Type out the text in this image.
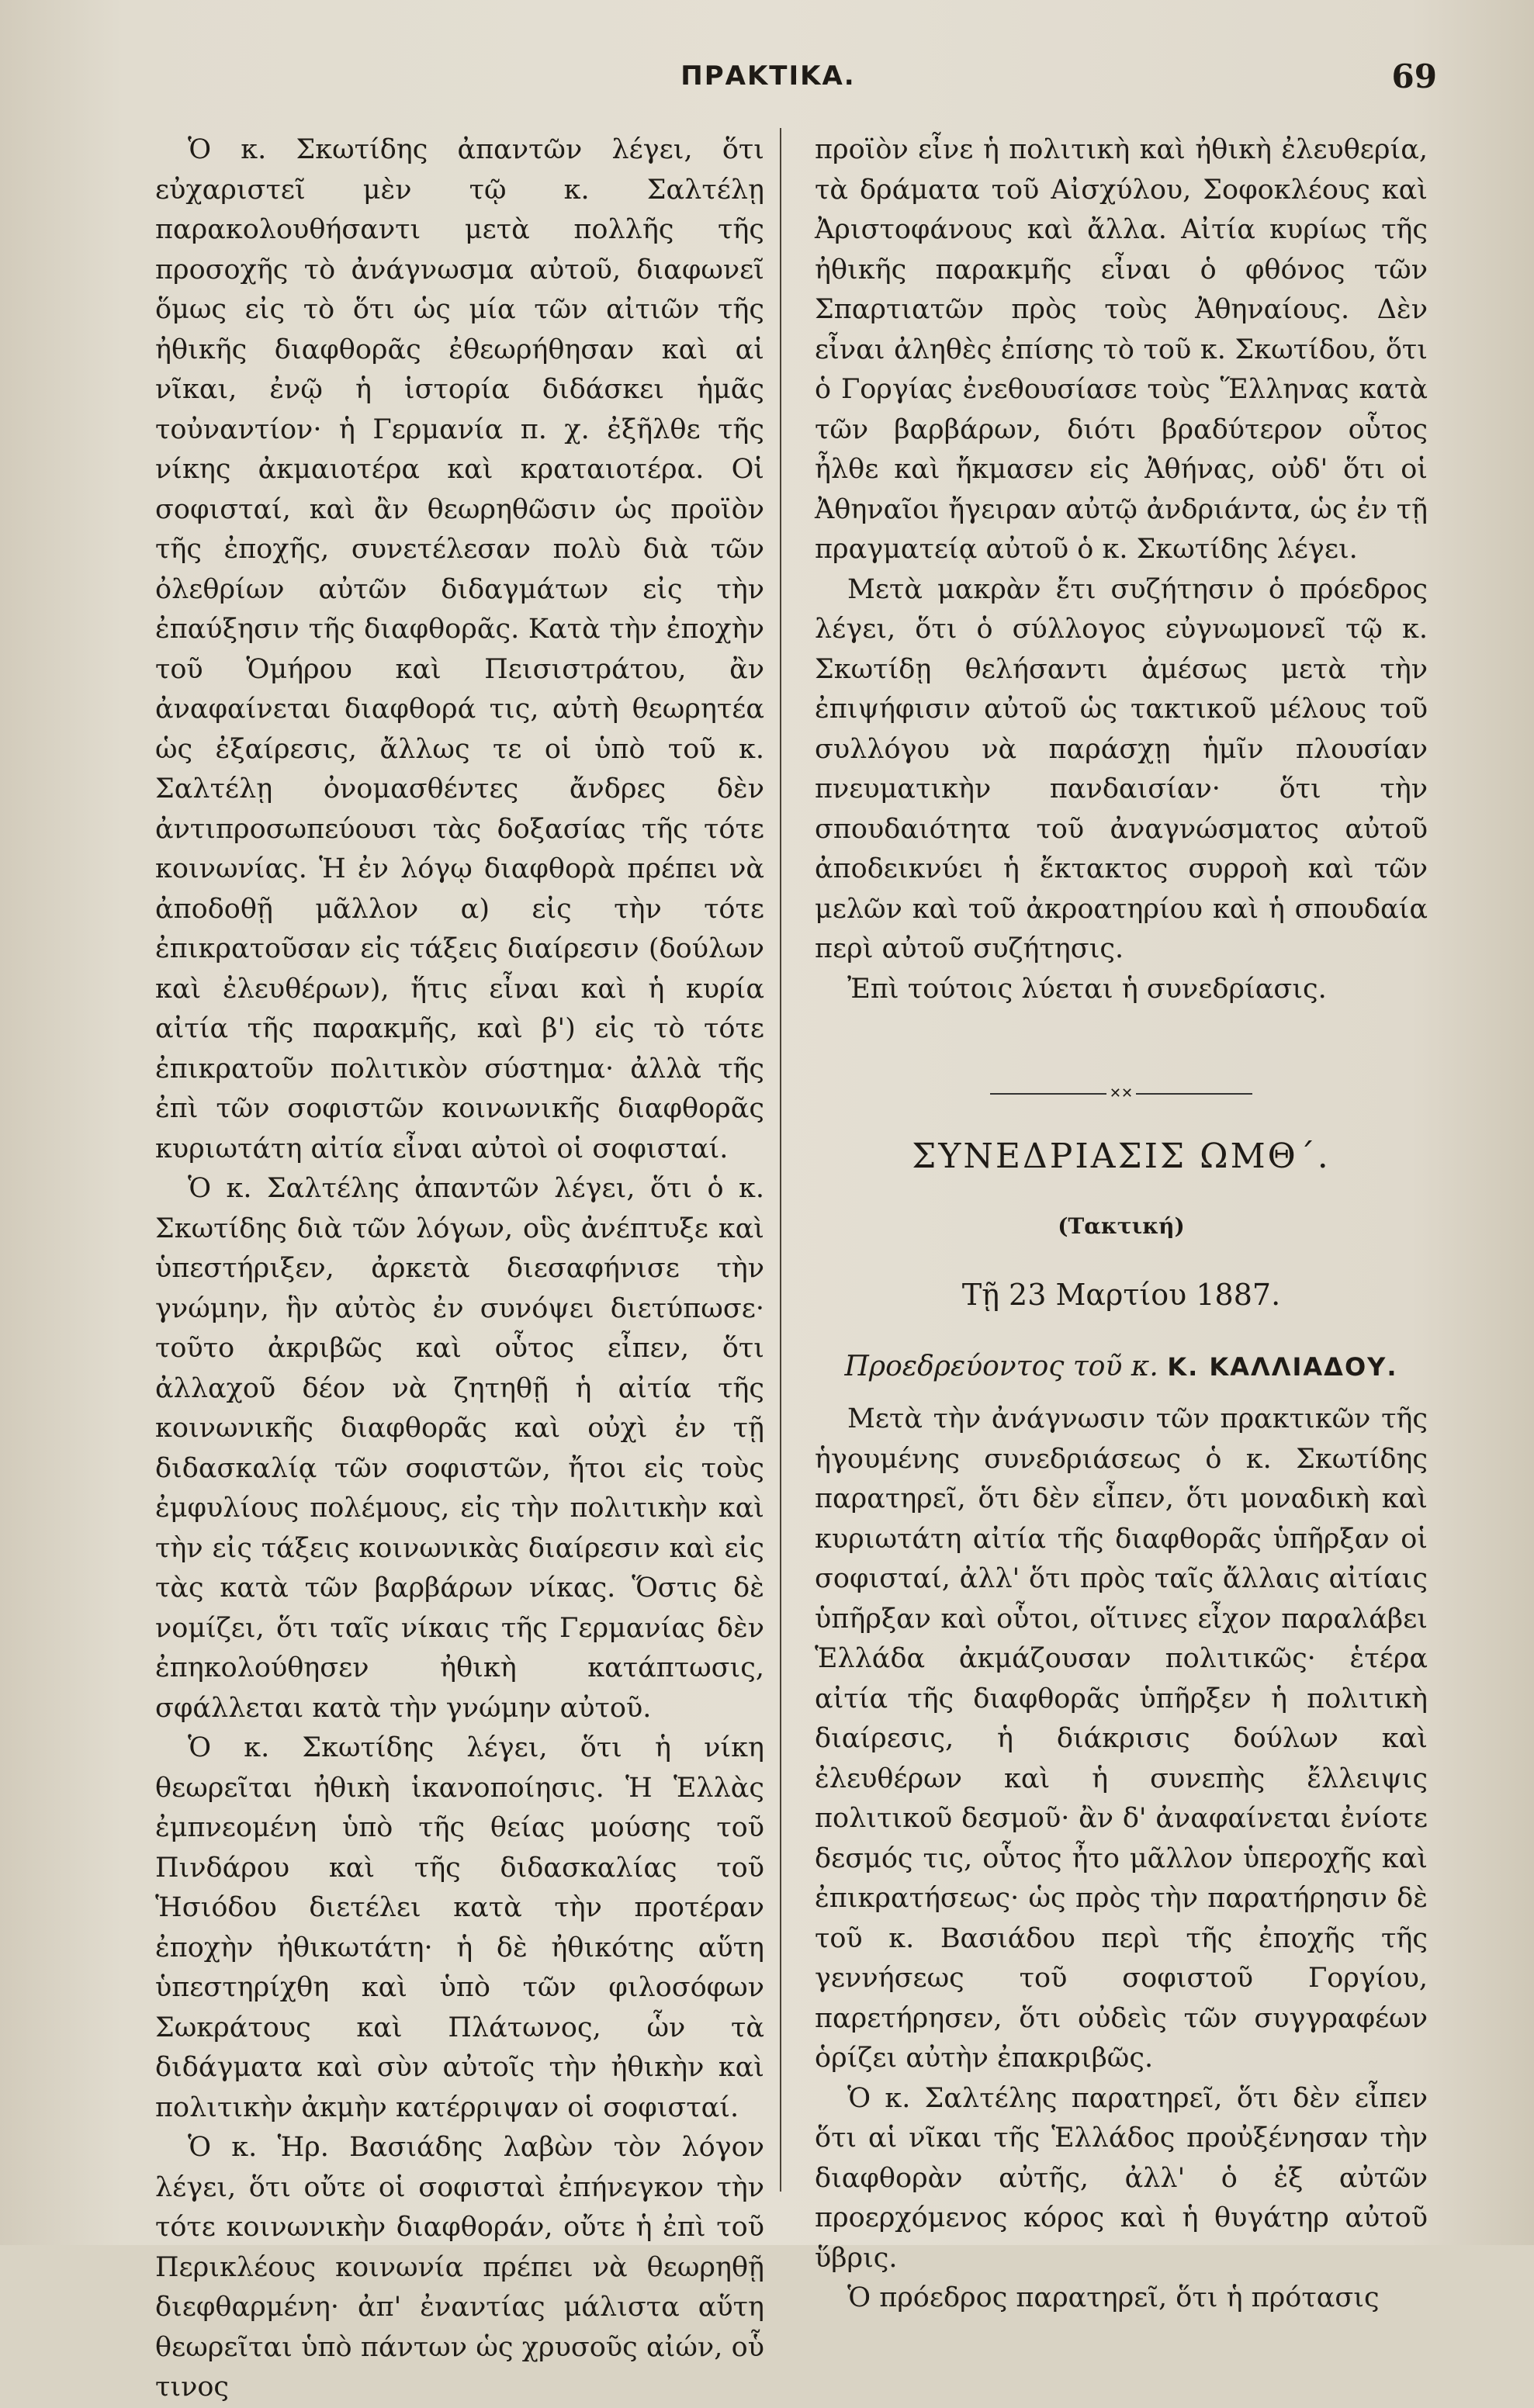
ΠΡΑΚΤΙΚΑ.	69

Ὁ κ. Σκωτίδης ἀπαντῶν λέγει, ὅτι εὐχαριστεῖ μὲν τῷ κ. Σαλτέλῃ παρακολουθήσαντι μετὰ πολλῆς τῆς προσοχῆς τὸ ἀνάγνωσμα αὐτοῦ, διαφωνεῖ ὅμως εἰς τὸ ὅτι ὡς μία τῶν αἰτιῶν τῆς ἠθικῆς διαφθορᾶς ἐθεωρήθησαν καὶ αἱ νῖκαι, ἐνῷ ἡ ἱστορία διδάσκει ἡμᾶς τοὐναντίον· ἡ Γερμανία π. χ. ἐξῆλθε τῆς νίκης ἀκμαιοτέρα καὶ κραταιοτέρα. Οἱ σοφισταί, καὶ ἂν θεωρηθῶσιν ὡς προϊὸν τῆς ἐποχῆς, συνετέλεσαν πολὺ διὰ τῶν ὀλεθρίων αὐτῶν διδαγμάτων εἰς τὴν ἐπαύξησιν τῆς διαφθορᾶς. Κατὰ τὴν ἐποχὴν τοῦ Ὁμήρου καὶ Πεισιστράτου, ἂν ἀναφαίνεται διαφθορά τις, αὐτὴ θεωρητέα ὡς ἐξαίρεσις, ἄλλως τε οἱ ὑπὸ τοῦ κ. Σαλτέλῃ ὀνομασθέντες ἄνδρες δὲν ἀντιπροσωπεύουσι τὰς δοξασίας τῆς τότε κοινωνίας. Ἡ ἐν λόγῳ διαφθορὰ πρέπει νὰ ἀποδοθῇ μᾶλλον α) εἰς τὴν τότε ἐπικρατοῦσαν εἰς τάξεις διαίρεσιν (δούλων καὶ ἐλευθέρων), ἥτις εἶναι καὶ ἡ κυρία αἰτία τῆς παρακμῆς, καὶ β') εἰς τὸ τότε ἐπικρατοῦν πολιτικὸν σύστημα· ἀλλὰ τῆς ἐπὶ τῶν σοφιστῶν κοινωνικῆς διαφθορᾶς κυριωτάτη αἰτία εἶναι αὐτοὶ οἱ σοφισταί.

Ὁ κ. Σαλτέλης ἀπαντῶν λέγει, ὅτι ὁ κ. Σκωτίδης διὰ τῶν λόγων, οὓς ἀνέπτυξε καὶ ὑπεστήριξεν, ἀρκετὰ διεσαφήνισε τὴν γνώμην, ἣν αὐτὸς ἐν συνόψει διετύπωσε· τοῦτο ἀκριβῶς καὶ οὗτος εἶπεν, ὅτι ἀλλαχοῦ δέον νὰ ζητηθῇ ἡ αἰτία τῆς κοινωνικῆς διαφθορᾶς καὶ οὐχὶ ἐν τῇ διδασκαλίᾳ τῶν σοφιστῶν, ἤτοι εἰς τοὺς ἐμφυλίους πολέμους, εἰς τὴν πολιτικὴν καὶ τὴν εἰς τάξεις κοινωνικὰς διαίρεσιν καὶ εἰς τὰς κατὰ τῶν βαρβάρων νίκας. Ὅστις δὲ νομίζει, ὅτι ταῖς νίκαις τῆς Γερμανίας δὲν ἐπηκολούθησεν ἠθικὴ κατάπτωσις, σφάλλεται κατὰ τὴν γνώμην αὐτοῦ.

Ὁ κ. Σκωτίδης λέγει, ὅτι ἡ νίκη θεωρεῖται ἠθικὴ ἱκανοποίησις. Ἡ Ἑλλὰς ἐμπνεομένη ὑπὸ τῆς θείας μούσης τοῦ Πινδάρου καὶ τῆς διδασκαλίας τοῦ Ἡσιόδου διετέλει κατὰ τὴν προτέραν ἐποχὴν ἠθικωτάτη· ἡ δὲ ἠθικότης αὕτη ὑπεστηρίχθη καὶ ὑπὸ τῶν φιλοσόφων Σωκράτους καὶ Πλάτωνος, ὧν τὰ διδάγματα καὶ σὺν αὐτοῖς τὴν ἠθικὴν καὶ πολιτικὴν ἀκμὴν κατέρριψαν οἱ σοφισταί.

Ὁ κ. Ἡρ. Βασιάδης λαβὼν τὸν λόγον λέγει, ὅτι οὔτε οἱ σοφισταὶ ἐπήνεγκον τὴν τότε κοινωνικὴν διαφθοράν, οὔτε ἡ ἐπὶ τοῦ Περικλέους κοινωνία πρέπει νὰ θεωρηθῇ διεφθαρμένη· ἀπ' ἐναντίας μάλιστα αὕτη θεωρεῖται ὑπὸ πάντων ὡς χρυσοῦς αἰών, οὗ τινος

προϊὸν εἶνε ἡ πολιτικὴ καὶ ἠθικὴ ἐλευθερία, τὰ δράματα τοῦ Αἰσχύλου, Σοφοκλέους καὶ Ἀριστοφάνους καὶ ἄλλα. Αἰτία κυρίως τῆς ἠθικῆς παρακμῆς εἶναι ὁ φθόνος τῶν Σπαρτιατῶν πρὸς τοὺς Ἀθηναίους. Δὲν εἶναι ἀληθὲς ἐπίσης τὸ τοῦ κ. Σκωτίδου, ὅτι ὁ Γοργίας ἐνεθουσίασε τοὺς Ἕλληνας κατὰ τῶν βαρβάρων, διότι βραδύτερον οὗτος ἦλθε καὶ ἤκμασεν εἰς Ἀθήνας, οὐδ' ὅτι οἱ Ἀθηναῖοι ἤγειραν αὐτῷ ἀνδριάντα, ὡς ἐν τῇ πραγματείᾳ αὐτοῦ ὁ κ. Σκωτίδης λέγει.

Μετὰ μακρὰν ἔτι συζήτησιν ὁ πρόεδρος λέγει, ὅτι ὁ σύλλογος εὐγνωμονεῖ τῷ κ. Σκωτίδῃ θελήσαντι ἀμέσως μετὰ τὴν ἐπιψήφισιν αὐτοῦ ὡς τακτικοῦ μέλους τοῦ συλλόγου νὰ παράσχῃ ἡμῖν πλουσίαν πνευματικὴν πανδαισίαν· ὅτι τὴν σπουδαιότητα τοῦ ἀναγνώσματος αὐτοῦ ἀποδεικνύει ἡ ἔκτακτος συρροὴ καὶ τῶν μελῶν καὶ τοῦ ἀκροατηρίου καὶ ἡ σπουδαία περὶ αὐτοῦ συζήτησις.

Ἐπὶ τούτοις λύεται ἡ συνεδρίασις.

✕✕
ΣΥΝΕΔΡΙΑΣΙΣ ΩΜΘ΄.
(Τακτική)
Τῇ 23 Μαρτίου 1887.
Προεδρεύοντος τοῦ κ. Κ. ΚΑΛΛΙΑΔΟΥ.

Μετὰ τὴν ἀνάγνωσιν τῶν πρακτικῶν τῆς ἡγουμένης συνεδριάσεως ὁ κ. Σκωτίδης παρατηρεῖ, ὅτι δὲν εἶπεν, ὅτι μοναδικὴ καὶ κυριωτάτη αἰτία τῆς διαφθορᾶς ὑπῆρξαν οἱ σοφισταί, ἀλλ' ὅτι πρὸς ταῖς ἄλλαις αἰτίαις ὑπῆρξαν καὶ οὗτοι, οἵτινες εἶχον παραλάβει Ἑλλάδα ἀκμάζουσαν πολιτικῶς· ἑτέρα αἰτία τῆς διαφθορᾶς ὑπῆρξεν ἡ πολιτικὴ διαίρεσις, ἡ διάκρισις δούλων καὶ ἐλευθέρων καὶ ἡ συνεπὴς ἔλλειψις πολιτικοῦ δεσμοῦ· ἂν δ' ἀναφαίνεται ἐνίοτε δεσμός τις, οὗτος ἦτο μᾶλλον ὑπεροχῆς καὶ ἐπικρατήσεως· ὡς πρὸς τὴν παρατήρησιν δὲ τοῦ κ. Βασιάδου περὶ τῆς ἐποχῆς τῆς γεννήσεως τοῦ σοφιστοῦ Γοργίου, παρετήρησεν, ὅτι οὐδεὶς τῶν συγγραφέων ὁρίζει αὐτὴν ἐπακριβῶς.

Ὁ κ. Σαλτέλης παρατηρεῖ, ὅτι δὲν εἶπεν ὅτι αἱ νῖκαι τῆς Ἑλλάδος προὐξένησαν τὴν διαφθορὰν αὐτῆς, ἀλλ' ὁ ἐξ αὐτῶν προερχόμενος κόρος καὶ ἡ θυγάτηρ αὐτοῦ ὕβρις.

Ὁ πρόεδρος παρατηρεῖ, ὅτι ἡ πρότασις
